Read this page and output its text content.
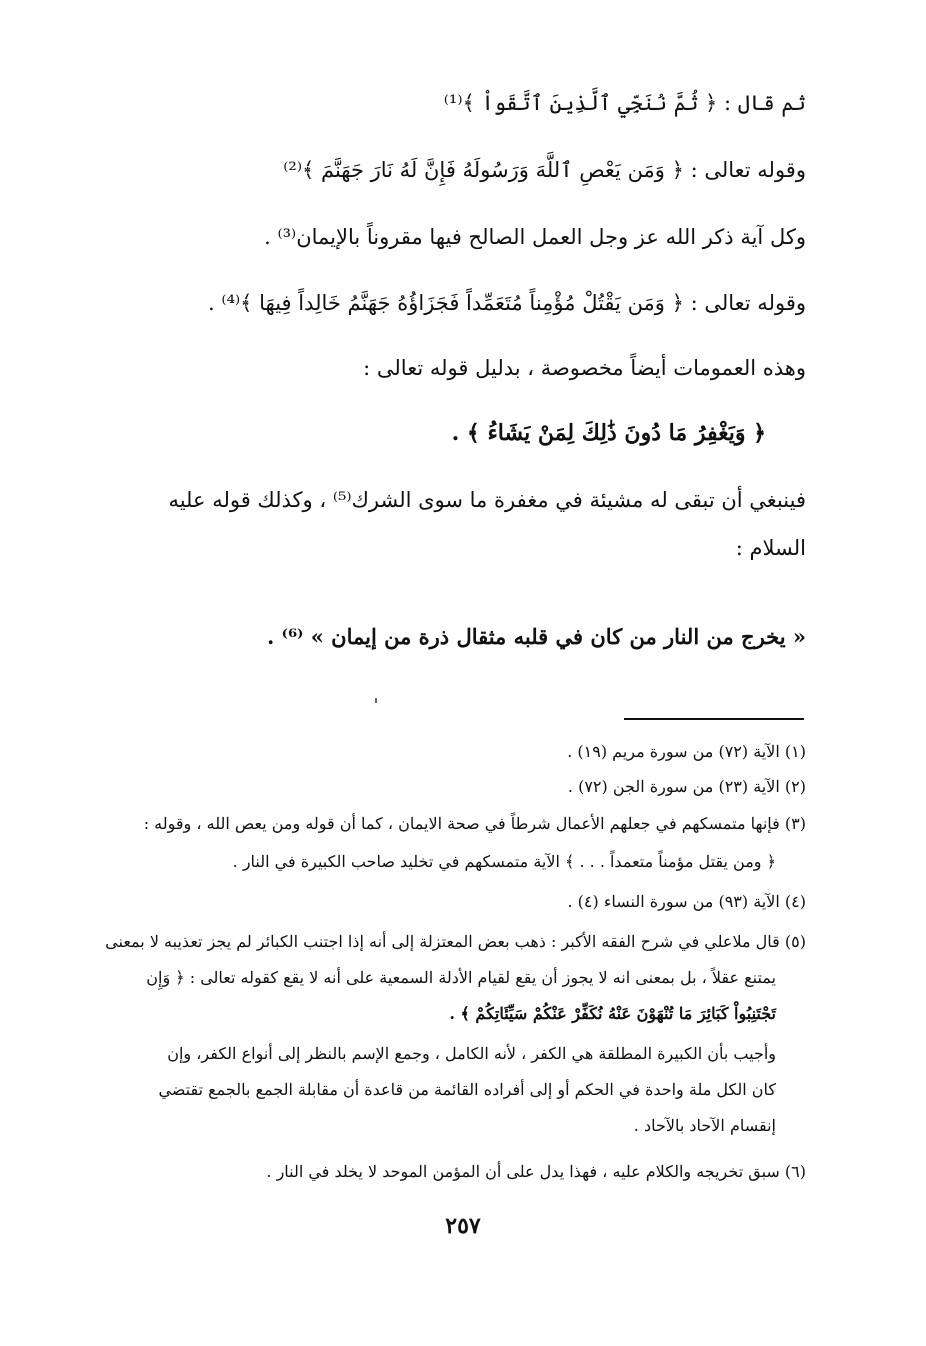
ثم قال : ﴿ ثُمَّ نُنَجِّي ٱلَّذِينَ ٱتَّقَواْ ﴾⁽¹⁾
وقوله تعالى : ﴿ وَمَن يَعْصِ ٱللَّهَ وَرَسُولَهُ فَإِنَّ لَهُ نَارَ جَهَنَّمَ ﴾⁽²⁾
وكل آية ذكر الله عز وجل العمل الصالح فيها مقروناً بالإيمان⁽³⁾ .
وقوله تعالى : ﴿ وَمَن يَقْتُلْ مُؤْمِناً مُتَعَمِّداً فَجَزَاؤُهُ جَهَنَّمُ خَالِداً فِيهَا ﴾⁽⁴⁾ .
وهذه العمومات أيضاً مخصوصة ، بدليل قوله تعالى :
﴿ وَيَغْفِرُ مَا دُونَ ذَٰلِكَ لِمَنْ يَشَاءُ ﴾ .
فينبغي أن تبقى له مشيئة في مغفرة ما سوى الشرك⁽⁵⁾ ، وكذلك قوله عليه
السلام :
« يخرج من النار من كان في قلبه مثقال ذرة من إيمان » ⁽⁶⁾ .
(١) الآية (٧٢) من سورة مريم (١٩) .
(٢) الآية (٢٣) من سورة الجن (٧٢) .
(٣) فإنها متمسكهم في جعلهم الأعمال شرطاً في صحة الايمان ، كما أن قوله ومن يعص الله ، وقوله :
﴿ ومن يقتل مؤمناً متعمداً . . . ﴾ الآية متمسكهم في تخليد صاحب الكبيرة في النار .
(٤) الآية (٩٣) من سورة النساء (٤) .
(٥) قال ملاعلي في شرح الفقه الأكبر : ذهب بعض المعتزلة إلى أنه إذا اجتنب الكبائر لم يجز تعذيبه لا بمعنى
يمتنع عقلاً ، بل بمعنى انه لا يجوز أن يقع لقيام الأدلة السمعية على أنه لا يقع كقوله تعالى : ﴿ وَإِن
تَجْتَنِبُواْ كَبَائِرَ مَا تُنْهَوْنَ عَنْهُ نُكَفِّرْ عَنْكُمْ سَيِّئَاتِكُمْ ﴾ .
وأجيب بأن الكبيرة المطلقة هي الكفر ، لأنه الكامل ، وجمع الإسم بالنظر إلى أنواع الكفر، وإن
كان الكل ملة واحدة في الحكم أو إلى أفراده القائمة من قاعدة أن مقابلة الجمع بالجمع تقتضي
إنقسام الآحاد بالآحاد .
(٦) سبق تخريجه والكلام عليه ، فهذا يدل على أن المؤمن الموحد لا يخلد في النار .
٢٥٧
